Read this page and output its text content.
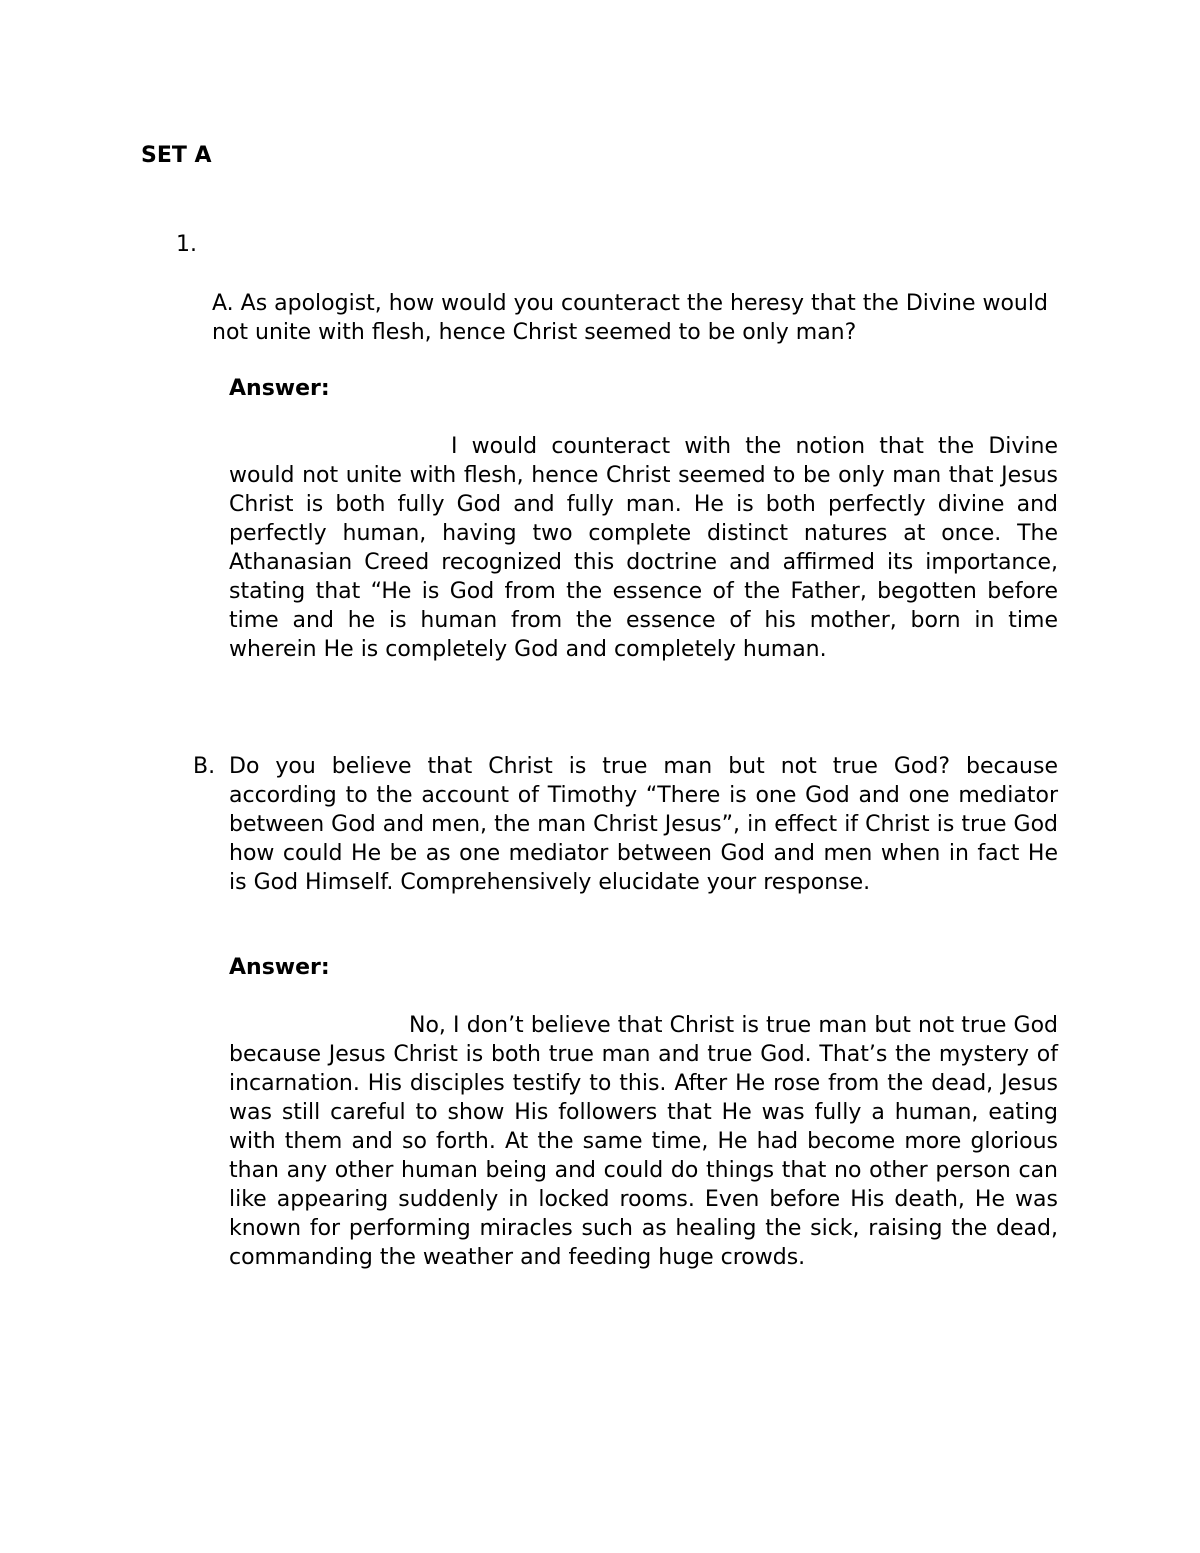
SET A
1.

A. As apologist, how would you counteract the heresy that the Divine would not unite with flesh, hence Christ seemed to be only man?

Answer:

I would counteract with the notion that the Divine would not unite with flesh, hence Christ seemed to be only man that Jesus Christ is both fully God and fully man. He is both perfectly divine and perfectly human, having two complete distinct natures at once. The Athanasian Creed recognized this doctrine and affirmed its importance, stating that “He is God from the essence of the Father, begotten before time and he is human from the essence of his mother, born in time wherein He is completely God and completely human.

B. Do you believe that Christ is true man but not true God? because according to the account of Timothy “There is one God and one mediator between God and men, the man Christ Jesus”, in effect if Christ is true God how could He be as one mediator between God and men when in fact He is God Himself. Comprehensively elucidate your response.

Answer:

No, I don’t believe that Christ is true man but not true God because Jesus Christ is both true man and true God. That’s the mystery of incarnation. His disciples testify to this. After He rose from the dead, Jesus was still careful to show His followers that He was fully a human, eating with them and so forth. At the same time, He had become more glorious than any other human being and could do things that no other person can like appearing suddenly in locked rooms. Even before His death, He was known for performing miracles such as healing the sick, raising the dead, commanding the weather and feeding huge crowds.
